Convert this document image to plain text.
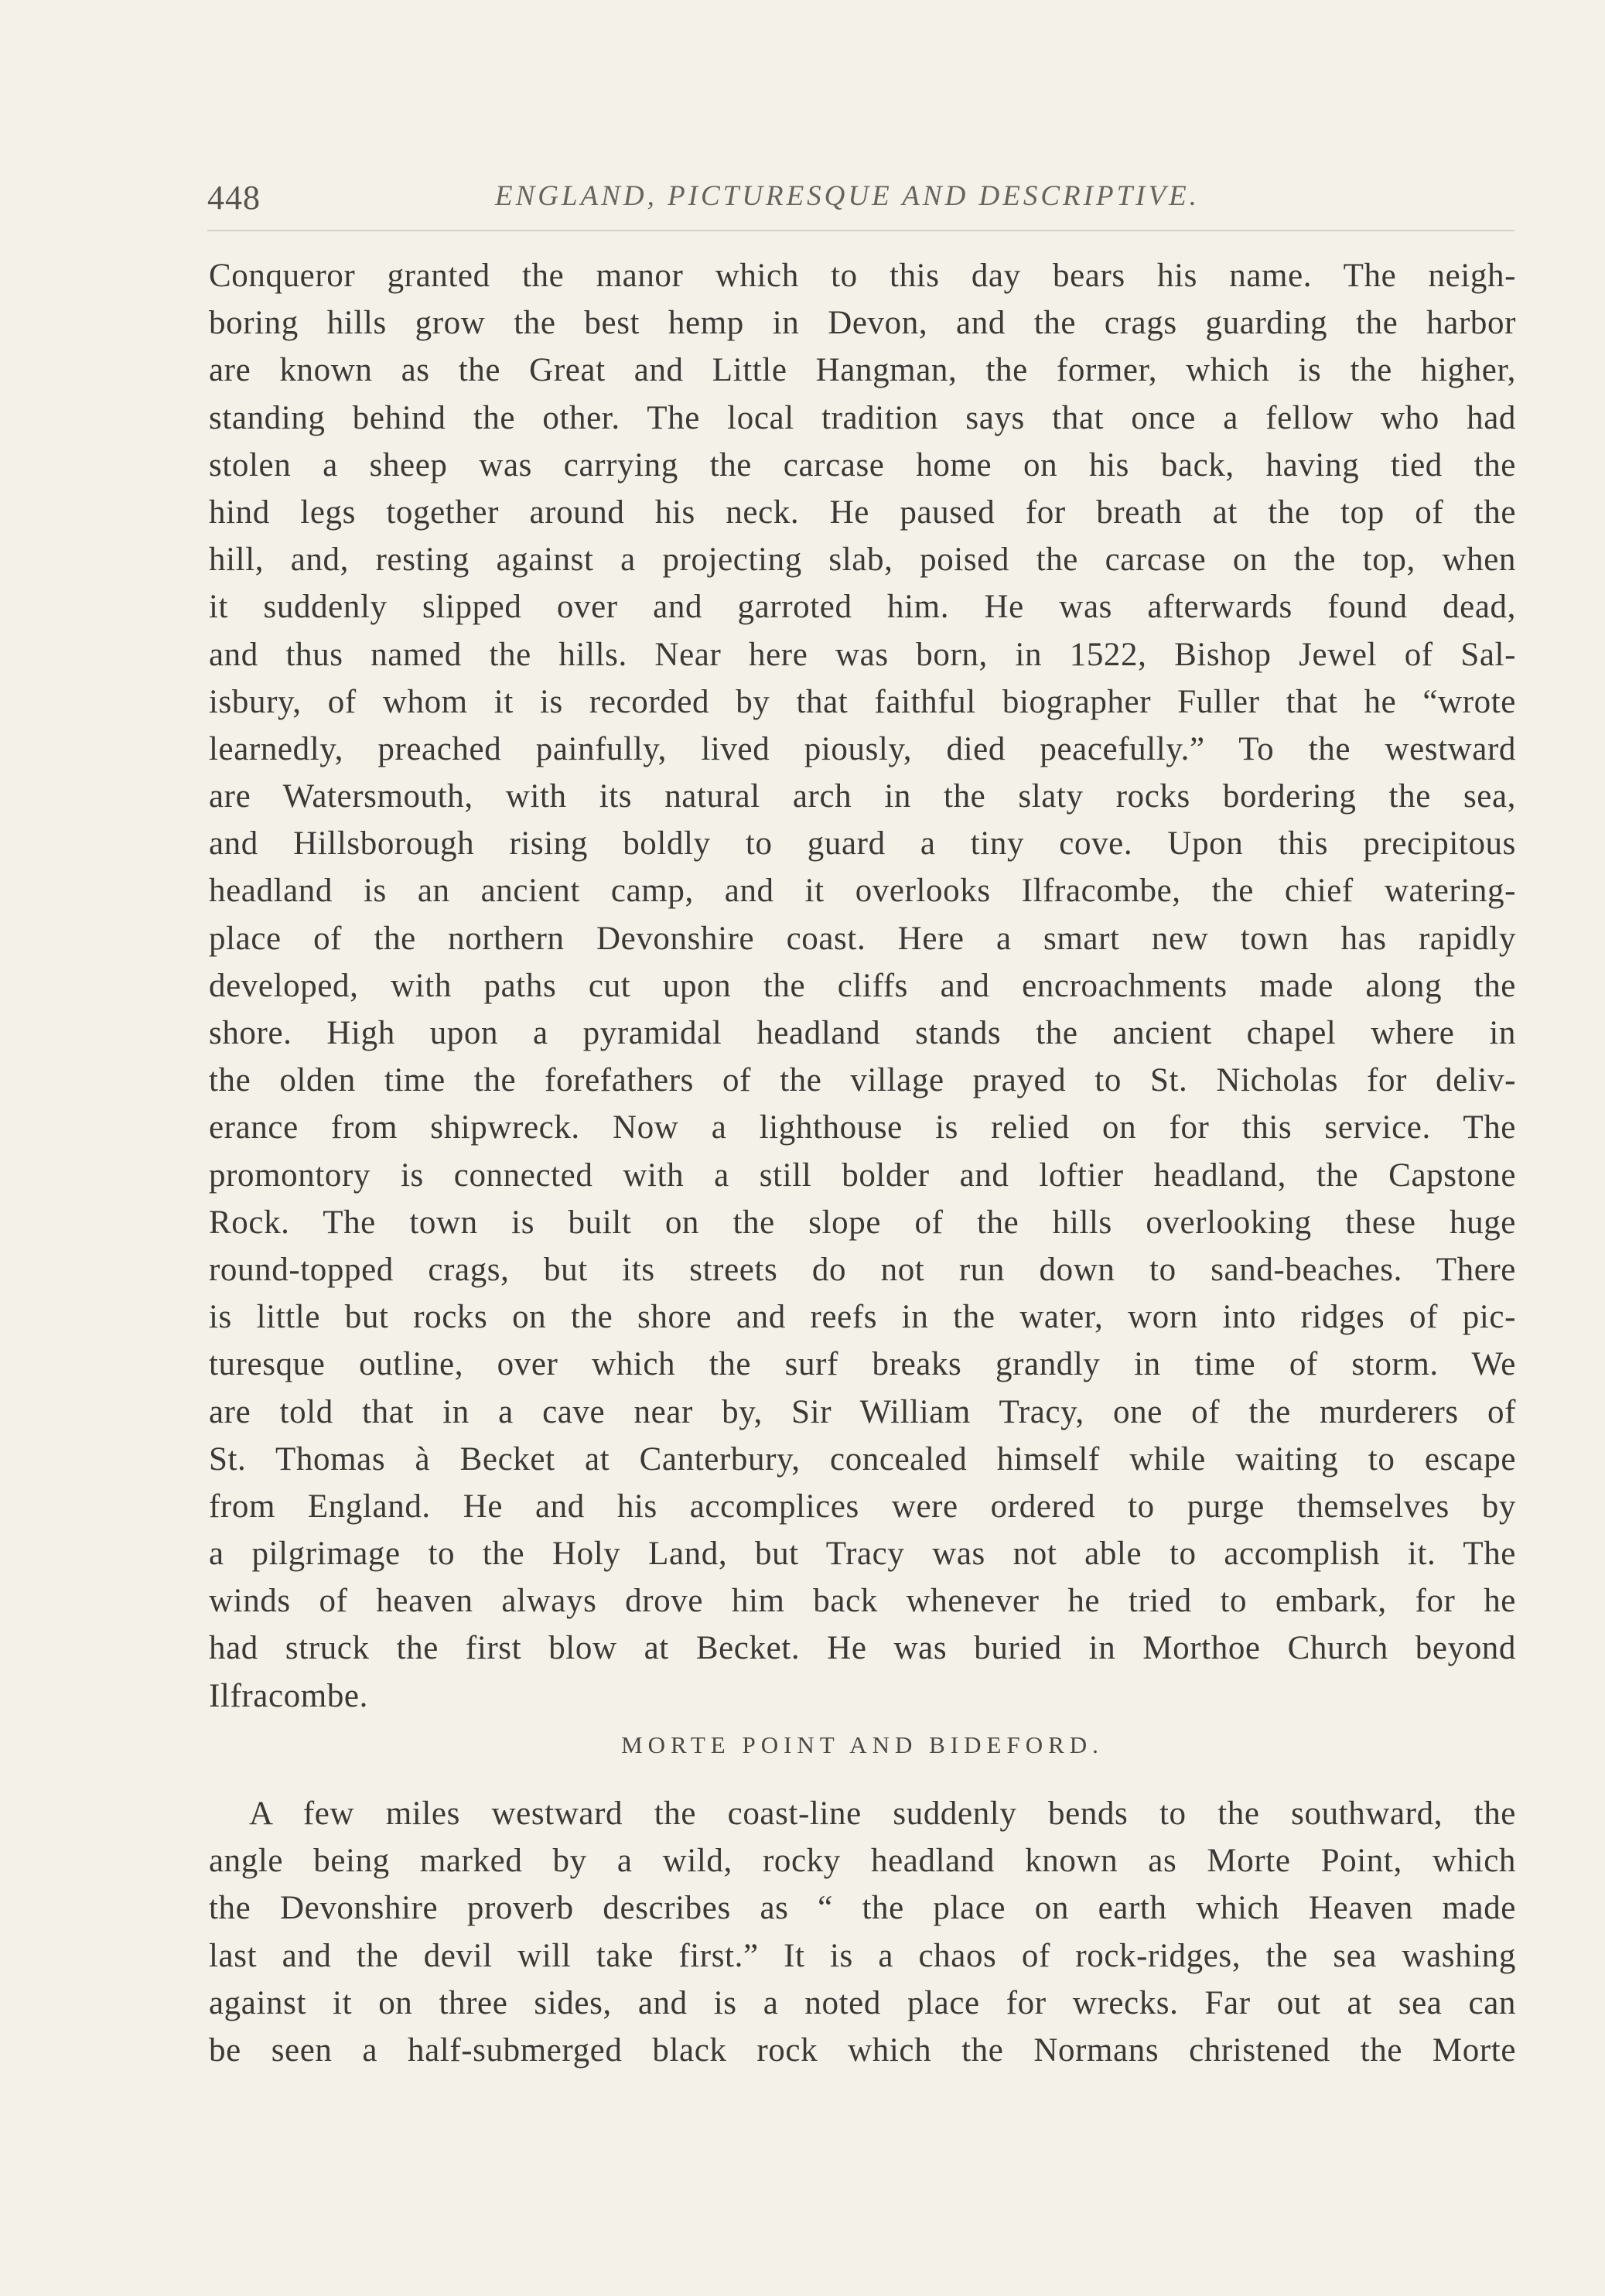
448	ENGLAND, PICTURESQUE AND DESCRIPTIVE.
Conqueror granted the manor which to this day bears his name. The neigh-
boring hills grow the best hemp in Devon, and the crags guarding the harbor
are known as the Great and Little Hangman, the former, which is the higher,
standing behind the other. The local tradition says that once a fellow who had
stolen a sheep was carrying the carcase home on his back, having tied the
hind legs together around his neck. He paused for breath at the top of the
hill, and, resting against a projecting slab, poised the carcase on the top, when
it suddenly slipped over and garroted him. He was afterwards found dead,
and thus named the hills. Near here was born, in 1522, Bishop Jewel of Sal-
isbury, of whom it is recorded by that faithful biographer Fuller that he “wrote
learnedly, preached painfully, lived piously, died peacefully.” To the westward
are Watersmouth, with its natural arch in the slaty rocks bordering the sea,
and Hillsborough rising boldly to guard a tiny cove. Upon this precipitous
headland is an ancient camp, and it overlooks Ilfracombe, the chief watering-
place of the northern Devonshire coast. Here a smart new town has rapidly
developed, with paths cut upon the cliffs and encroachments made along the
shore. High upon a pyramidal headland stands the ancient chapel where in
the olden time the forefathers of the village prayed to St. Nicholas for deliv-
erance from shipwreck. Now a lighthouse is relied on for this service. The
promontory is connected with a still bolder and loftier headland, the Capstone
Rock. The town is built on the slope of the hills overlooking these huge
round-topped crags, but its streets do not run down to sand-beaches. There
is little but rocks on the shore and reefs in the water, worn into ridges of pic-
turesque outline, over which the surf breaks grandly in time of storm. We
are told that in a cave near by, Sir William Tracy, one of the murderers of
St. Thomas à Becket at Canterbury, concealed himself while waiting to escape
from England. He and his accomplices were ordered to purge themselves by
a pilgrimage to the Holy Land, but Tracy was not able to accomplish it. The
winds of heaven always drove him back whenever he tried to embark, for he
had struck the first blow at Becket. He was buried in Morthoe Church beyond
Ilfracombe.
MORTE POINT AND BIDEFORD.
A few miles westward the coast-line suddenly bends to the southward, the
angle being marked by a wild, rocky headland known as Morte Point, which
the Devonshire proverb describes as “ the place on earth which Heaven made
last and the devil will take first.” It is a chaos of rock-ridges, the sea washing
against it on three sides, and is a noted place for wrecks. Far out at sea can
be seen a half-submerged black rock which the Normans christened the Morte
